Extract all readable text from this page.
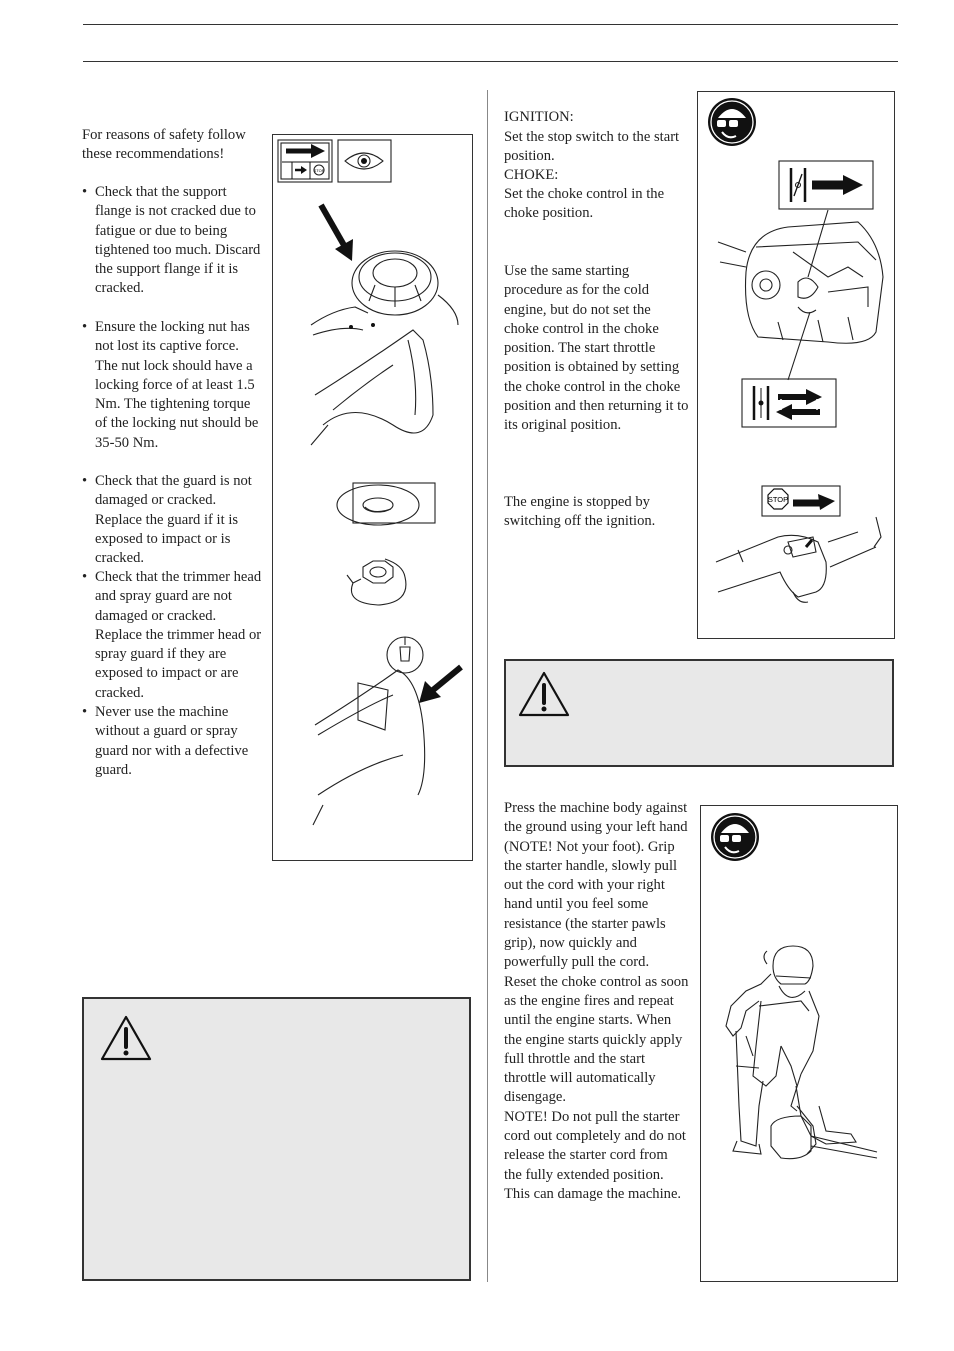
For reasons of safety follow these recommendations!
• Check that the support flange is not cracked due to fatigue or due to being tightened too much. Discard the support flange if it is cracked.
• Ensure the locking nut has not lost its captive force. The nut lock should have a locking force of at least 1.5 Nm. The tightening torque of the locking nut should be 35-50 Nm.
• Check that the guard is not damaged or cracked. Replace the guard if it is exposed to impact or is cracked.
• Check that the trimmer head and spray guard are not damaged or cracked. Replace the trimmer head or spray guard if they are exposed to impact or are cracked.
• Never use the machine without a guard or spray guard nor with a defective guard.
STOP
IGNITION:
Set the stop switch to the start position.
CHOKE:
Set the choke control in the choke position.
Use the same starting procedure as for the cold engine, but do not set the choke control in the choke position. The start throttle position is obtained by setting the choke control in the choke position and then returning it to its original position.
The engine is stopped by switching off the ignition.
STOP
Press the machine body against the ground using your left hand (NOTE! Not your foot). Grip the starter handle, slowly pull out the cord with your right hand until you feel some resistance (the starter pawls grip), now quickly and powerfully pull the cord.
Reset the choke control as soon as the engine fires and repeat until the engine starts. When the engine starts quickly apply full throttle and the start throttle will automatically disengage.
NOTE! Do not pull the starter cord out completely and do not release the starter cord from the fully extended position. This can damage the machine.
